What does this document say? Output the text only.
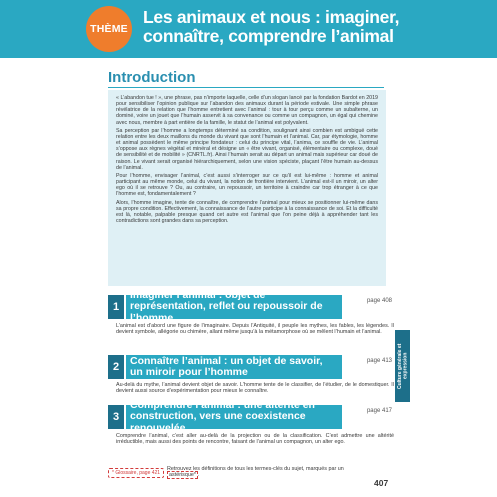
THÈME
Les animaux et nous : imaginer, connaître, comprendre l’animal
Introduction

« L’abandon tue ! », une phrase, pas n’importe laquelle, celle d’un slogan lancé par la fondation Bardot en 2019 pour sensibiliser l’opinion publique sur l’abandon des animaux durant la période estivale. Une simple phrase révélatrice de la relation que l’homme entretient avec l’animal : tour à tour perçu comme un subalterne, un dominé, voire un jouet que l’humain asservit à sa convenance ou comme un compagnon, un égal qui chemine avec nous, membre à part entière de la famille, le statut de l’animal est polyvalent.

Sa perception par l’homme a longtemps déterminé sa condition, soulignant ainsi combien est ambiguë cette relation entre les deux maillons du monde du vivant que sont l’humain et l’animal. Car, par étymologie, homme et animal possèdent le même principe fondateur : celui du principe vital, l’anima, ce souffle de vie. L’animal s’oppose aux règnes végétal et minéral et désigne un « être vivant, organisé, élémentaire ou complexe, doué de sensibilité et de mobilité » (CNRTL.fr). Ainsi l’humain serait au départ un animal mais supérieur car doué de raison. Le vivant serait organisé hiérarchiquement, selon une vision spéciste, plaçant l’être humain au-dessus de l’animal.

Pour l’homme, envisager l’animal, c’est aussi s’interroger sur ce qu’il est lui-même : homme et animal participant au même monde, celui du vivant, la notion de frontière intervient. L’animal est-il un miroir, un alter ego où il se retrouve ? Ou, au contraire, un repoussoir, un territoire à craindre car trop étranger à ce que l’homme est, fondamentalement ?

Alors, l’homme imagine, tente de connaître, de comprendre l’animal pour mieux se positionner lui-même dans sa propre condition. Effectivement, la connaissance de l’autre participe à la connaissance de soi. Et la difficulté est là, notable, palpable presque quand cet autre est l’animal que l’on peine déjà à appréhender tant les contradictions sont grandes dans sa perception.

1
Imaginer l’animal : objet de représentation, reflet ou repoussoir de l’homme
page 408
L’animal est d’abord une figure de l’imaginaire. Depuis l’Antiquité, il peuple les mythes, les fables, les légendes. Il devient symbole, allégorie ou chimère, allant même jusqu’à la métamorphose où se mêlent l’humain et l’animal.
2
Connaître l’animal : un objet de savoir, un miroir pour l’homme
page 413
Au-delà du mythe, l’animal devient objet de savoir. L’homme tente de le classifier, de l’étudier, de le domestiquer. Il devient aussi source d’expérimentation pour mieux le connaître.
3
Comprendre l’animal : une altérité en construction, vers une coexistence renouvelée
page 417
Comprendre l’animal, c’est aller au-delà de la projection ou de la classification. C’est admettre une altérité irréductible, mais aussi des points de rencontre, faisant de l’animal un compagnon, un alter ego.
Culture générale et expression
* Glossaire, page 421
Retrouvez les définitions de tous les termes-clés du sujet, marqués par un astérisque* .
407
